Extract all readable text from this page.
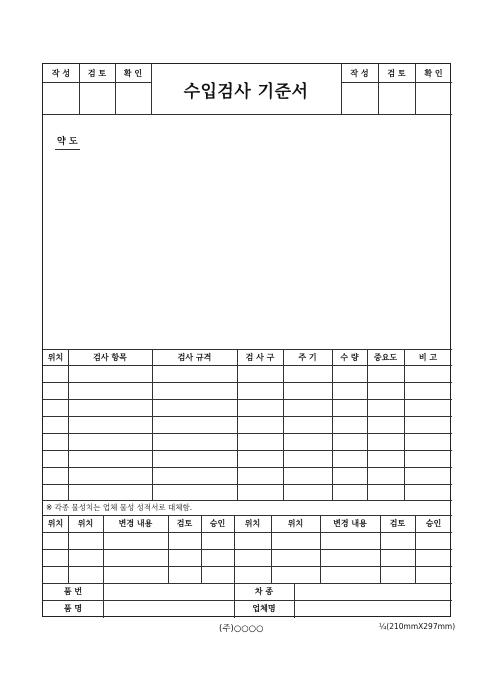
작 성	검 토	확 인
수입검사 기준서
작 성	검 토	확 인
약 도
위치	검사 항목	검사 규격	검 사 구	주 기	수 량	중요도	비 고
※ 각종 물성치는 업체 물성 성적서로 대체함.
위치	위치	변경 내용	검토	승인	위치	위치	변경 내용	검토	승인
품 번	차 종
품 명	업체명
(주)○○○○	¼(210mmX297mm)
